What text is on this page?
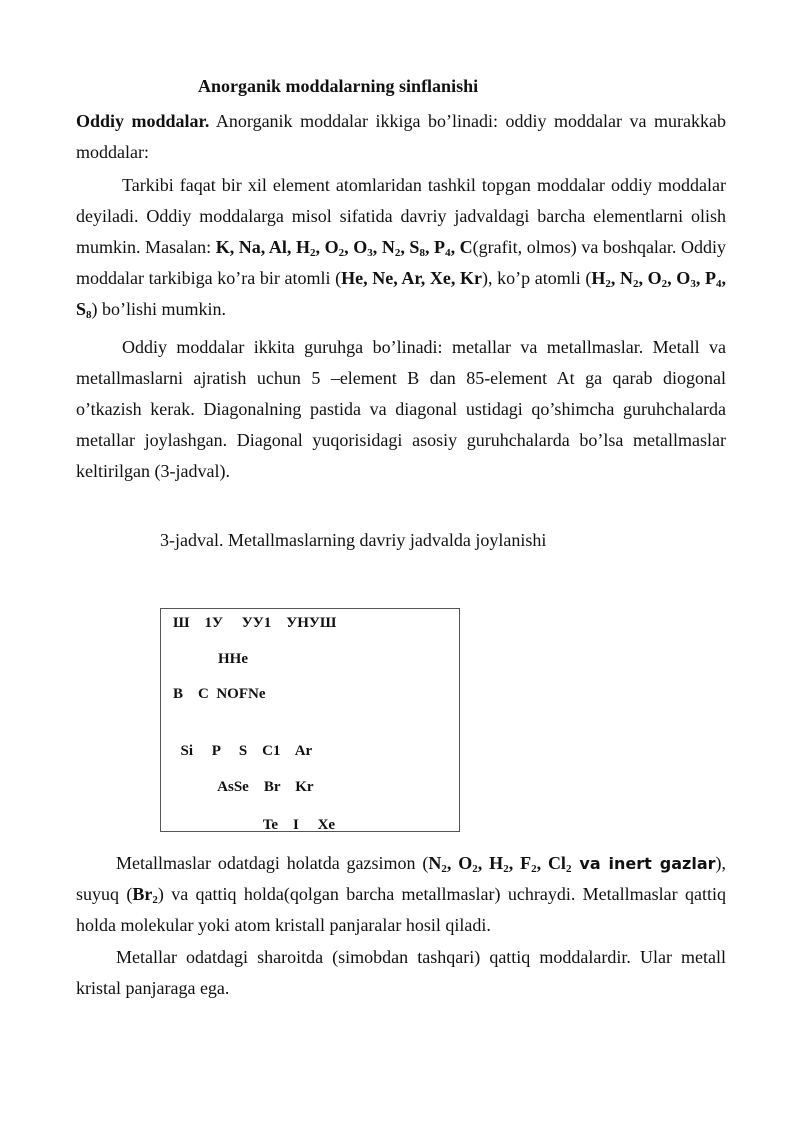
Anorganik moddalarning sinflanishi

Oddiy moddalar. Anorganik moddalar ikkiga bo’linadi: oddiy moddalar va murakkab moddalar:

Tarkibi faqat bir xil element atomlaridan tashkil topgan moddalar oddiy moddalar deyiladi. Oddiy moddalarga misol sifatida davriy jadvaldagi barcha elementlarni olish mumkin. Masalan: K, Na, Al, $H_2$, $O_2$, $O_3$, $N_2$, $S_8$, $P_4$, C(grafit, olmos) va boshqalar. Oddiy moddalar tarkibiga ko’ra bir atomli (He, Ne, Ar, Xe, Kr), ko’p atomli ($H_2$, $N_2$, $O_2$, $O_3$, $P_4$, $S_8$) bo’lishi mumkin.

Oddiy moddalar ikkita guruhga bo’linadi: metallar va metallmaslar. Metall va metallmaslarni ajratish uchun 5 –element B dan 85-element At ga qarab diogonal o’tkazish kerak. Diagonalning pastida va diagonal ustidagi qo’shimcha guruhchalarda metallar joylashgan. Diagonal yuqorisidagi asosiy guruhchalarda bo’lsa metallmaslar keltirilgan (3-jadval).

3-jadval. Metallmaslarning davriy jadvalda joylanishi
Ш    1У     УУ1    УНУШ
HHe
B    C  NOFNe
Si     P     S    C1    Ar
AsSe    Br    Kr
Te    I     Xe

Metallmaslar odatdagi holatda gazsimon ($N_2$, $O_2$, $H_2$, $F_2$, $Cl_2$ va inert gazlar), suyuq $(Br_2)$ va qattiq holda(qolgan barcha metallmaslar) uchraydi. Metallmaslar qattiq holda molekular yoki atom kristall panjaralar hosil qiladi.

Metallar odatdagi sharoitda (simobdan tashqari) qattiq moddalardir. Ular metall kristal panjaraga ega.
